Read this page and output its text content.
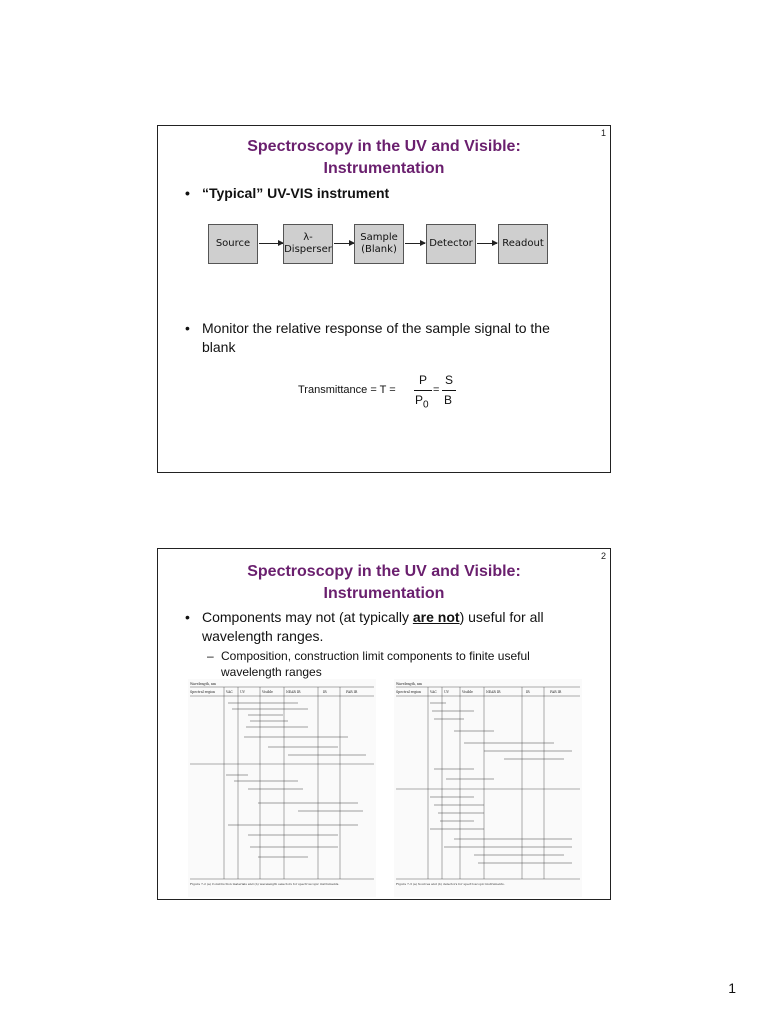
1
Spectroscopy in the UV and Visible:
Instrumentation
• “Typical” UV-VIS instrument
Source
λ-
Disperser
Sample
(Blank)
Detector	Readout
• Monitor the relative response of the sample signal to the
blank
Transmittance = T =
P
$P_0$
=
S
B
2
Spectroscopy in the UV and Visible:
Instrumentation
• Components may not (at typically are not) useful for all
wavelength ranges.
– Composition, construction limit components to finite useful
wavelength ranges
Wavelength, nm
Spectral region	VAC UV	Visible	NEAR IR	IR	FAR IR
Figure 7-2 (a) Construction materials and (b) wavelength selectors for spectroscopic instruments.
Wavelength, nm
Spectral region	VAC UV	Visible	NEAR IR	IR	FAR IR
Figure 7-3 (a) Sources and (b) detectors for spectroscopic instruments.
1
